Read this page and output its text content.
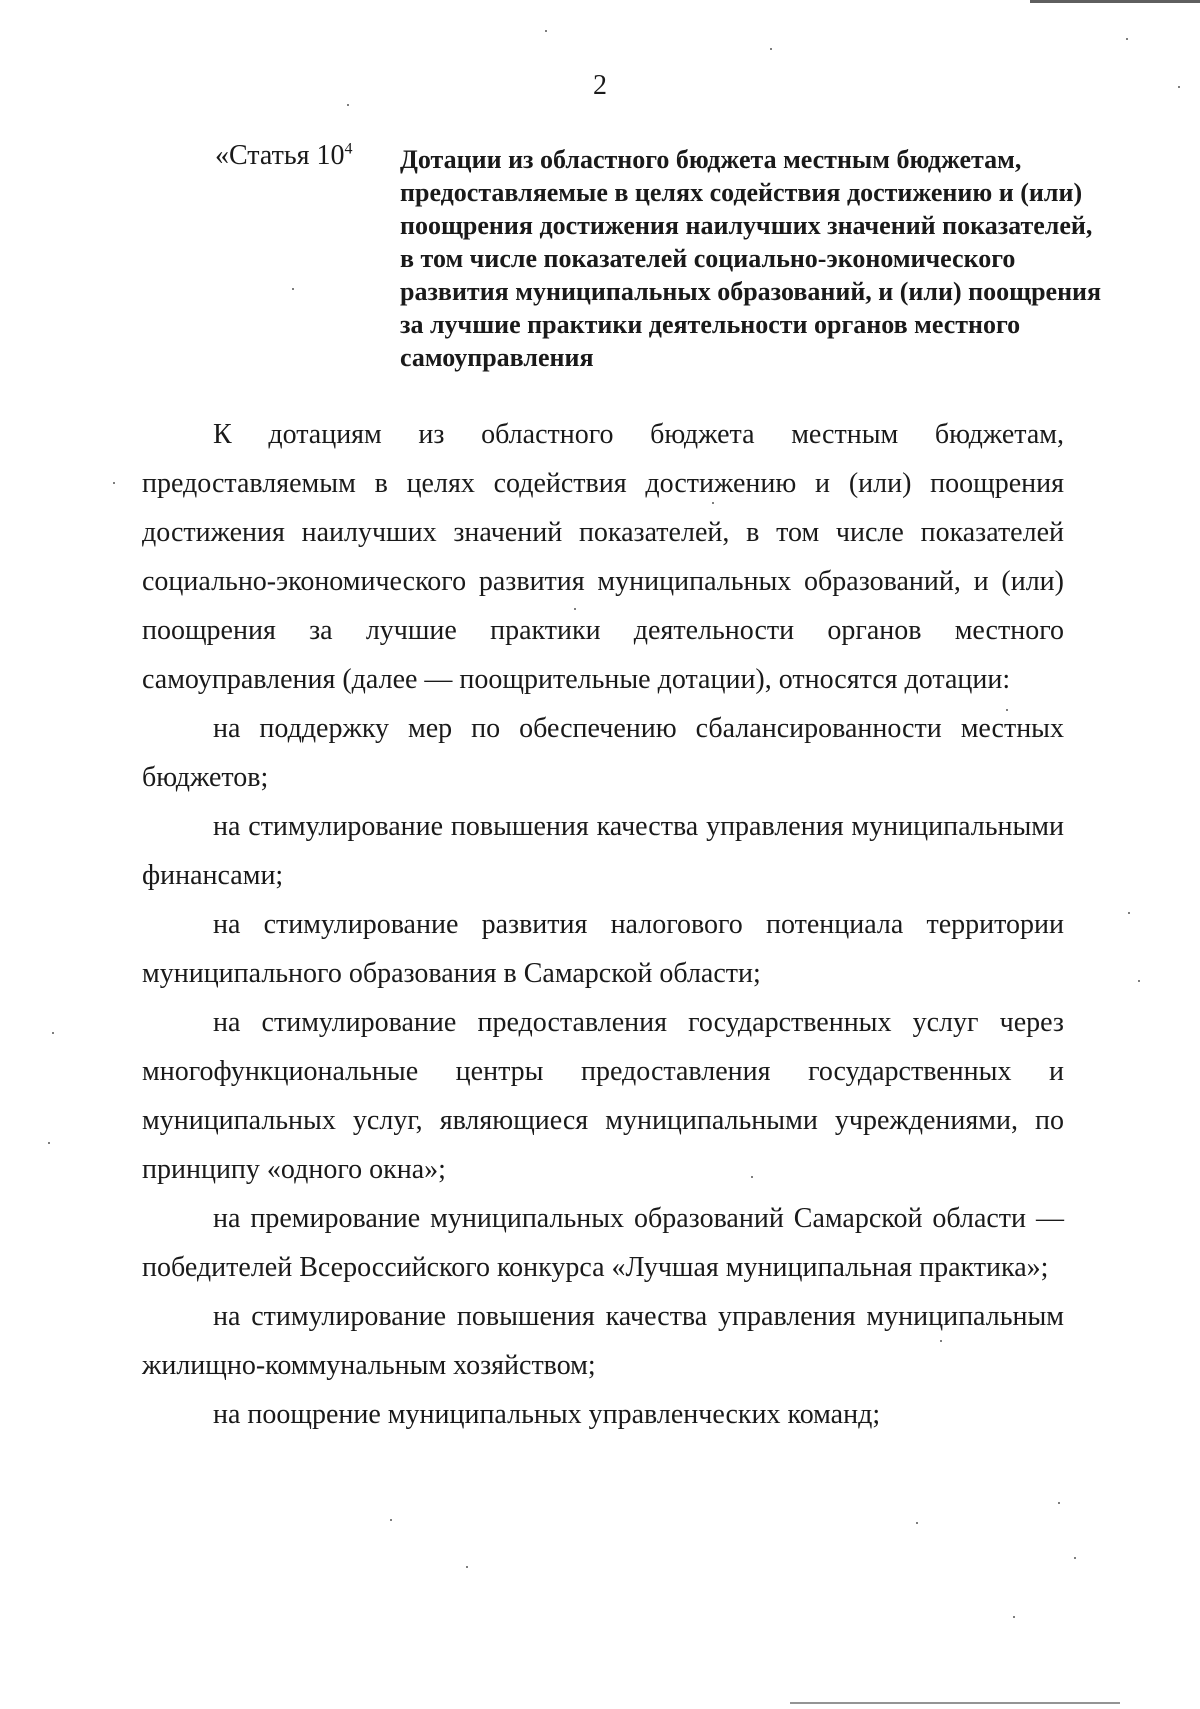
2
«Статья $10^4$ Дотации из областного бюджета местным бюджетам, предоставляемые в целях содействия достижению и (или) поощрения достижения наилучших значений показателей, в том числе показателей социально-экономического развития муниципальных образований, и (или) поощрения за лучшие практики деятельности органов местного самоуправления

К дотациям из областного бюджета местным бюджетам, предоставляемым в целях содействия достижению и (или) поощрения достижения наилучших значений показателей, в том числе показателей социально-экономического развития муниципальных образований, и (или) поощрения за лучшие практики деятельности органов местного самоуправления (далее — поощрительные дотации), относятся дотации:

на поддержку мер по обеспечению сбалансированности местных бюджетов;

на стимулирование повышения качества управления муниципальными финансами;

на стимулирование развития налогового потенциала территории муниципального образования в Самарской области;

на стимулирование предоставления государственных услуг через многофункциональные центры предоставления государственных и муниципальных услуг, являющиеся муниципальными учреждениями, по принципу «одного окна»;

на премирование муниципальных образований Самарской области — победителей Всероссийского конкурса «Лучшая муниципальная практика»;

на стимулирование повышения качества управления муниципальным жилищно-коммунальным хозяйством;

на поощрение муниципальных управленческих команд;
